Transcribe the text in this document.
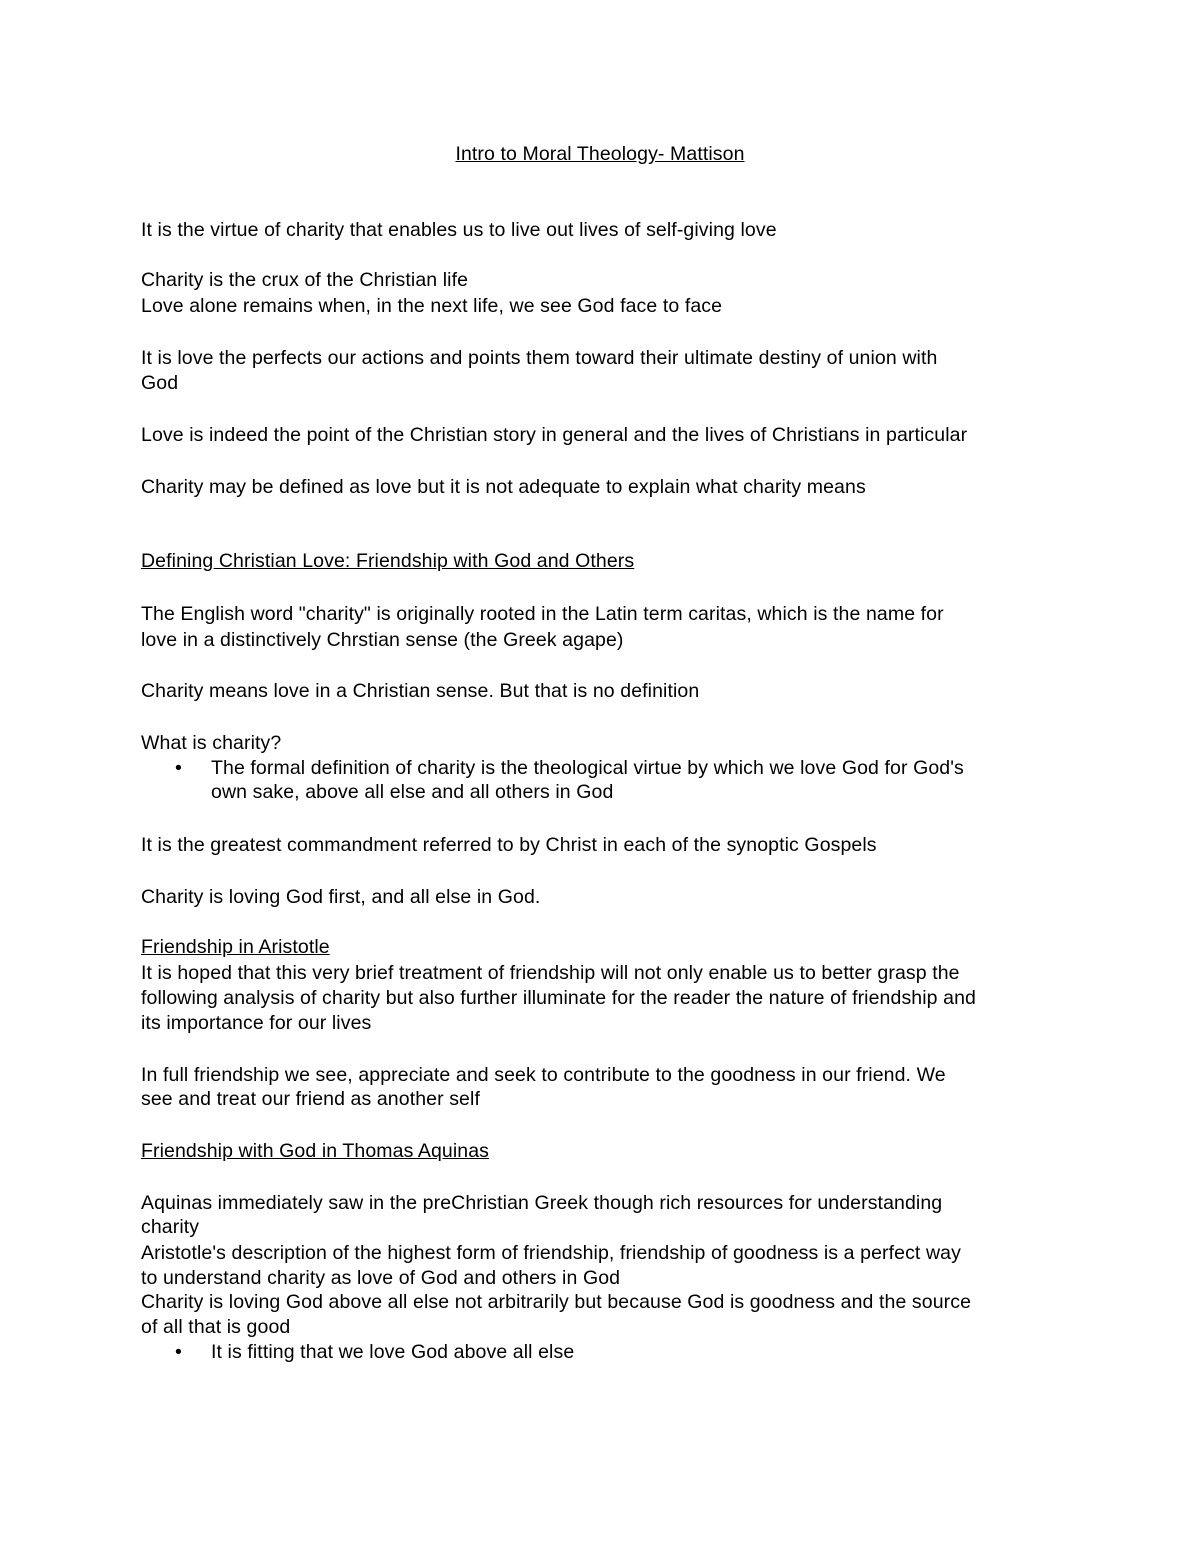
Intro to Moral Theology- Mattison
It is the virtue of charity that enables us to live out lives of self-giving love
Charity is the crux of the Christian life
Love alone remains when, in the next life, we see God face to face
It is love the perfects our actions and points them toward their ultimate destiny of union with
God
Love is indeed the point of the Christian story in general and the lives of Christians in particular
Charity may be defined as love but it is not adequate to explain what charity means
Defining Christian Love: Friendship with God and Others
The English word "charity" is originally rooted in the Latin term caritas, which is the name for
love in a distinctively Chrstian sense (the Greek agape)
Charity means love in a Christian sense. But that is no definition
What is charity?
• The formal definition of charity is the theological virtue by which we love God for God's
own sake, above all else and all others in God
It is the greatest commandment referred to by Christ in each of the synoptic Gospels
Charity is loving God first, and all else in God.
Friendship in Aristotle
It is hoped that this very brief treatment of friendship will not only enable us to better grasp the
following analysis of charity but also further illuminate for the reader the nature of friendship and
its importance for our lives
In full friendship we see, appreciate and seek to contribute to the goodness in our friend. We
see and treat our friend as another self
Friendship with God in Thomas Aquinas
Aquinas immediately saw in the preChristian Greek though rich resources for understanding
charity
Aristotle's description of the highest form of friendship, friendship of goodness is a perfect way
to understand charity as love of God and others in God
Charity is loving God above all else not arbitrarily but because God is goodness and the source
of all that is good
• It is fitting that we love God above all else
